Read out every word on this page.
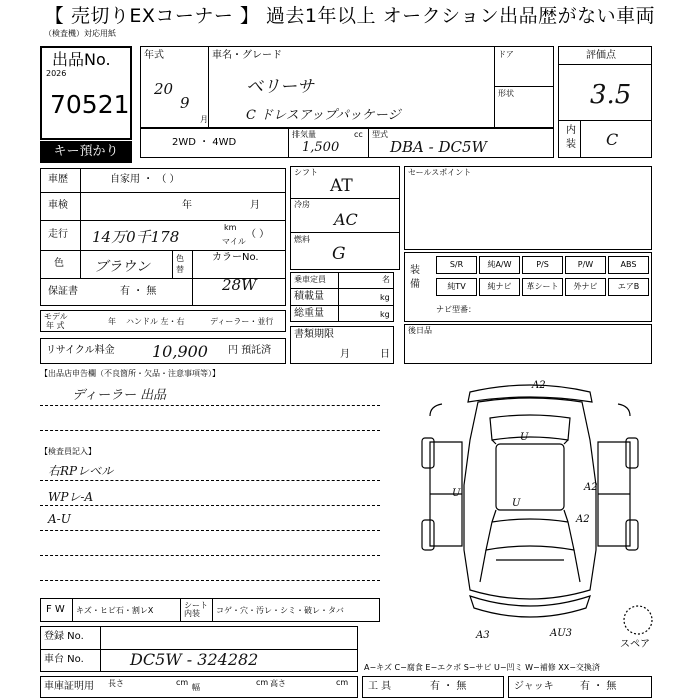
【 売切りEXコーナー 】 過去1年以上 オークション出品歴がない車両
（検査機）対応用紙
出品No.
2026
70521
キー預かり
年式	車名・グレード	ドア
形状
20
9
月
ベリーサ
C ドレスアップパッケージ
評価点
3.5
内装 C
2WD ・ 4WD
排気量	cc
1,500
型式
DBA - DC5W
車歴	自家用 ・ （ ）
車検	年	月
走行 14万0千178
km
マイル
（ ）
色 ブラウン
色替
カラーNo.
28W
保証書	有 ・ 無
モデル
年 式	年 ハンドル 左・右	ディーラー・並行
リサイクル料金 10,900 円 預託済
シフト
AT
冷房
AC
燃料
G
乗車定員	名
積載量	kg
総重量	kg
書類期限
月	日
セールスポイント
装備
S/R	純A/W	P/S	P/W	ABS
純TV	純ナビ	革シート	外ナビ	エアB
ナビ型番：
後日品
【出品店申告欄（不良箇所・欠品・注意事項等）】
ディーラー 出品
【検査員記入】
右RPレベル
WPレ-A
A-U
A2
U
A2
U
A2
U
A3	AU3
スペア
F W キズ・ヒビ石・割レX
シート 内装	コゲ・穴・汚レ・シミ・破レ・タバ
登録 No.
車台 No.	DC5W - 324282
車庫証明用 長さ	cm
幅
cm 高さ	cm
A−キズ C−腐食 E−エクボ S−サビ U−凹ミ W−補修 XX−交換済
工 具	有 ・ 無	ジャッキ	有 ・ 無
